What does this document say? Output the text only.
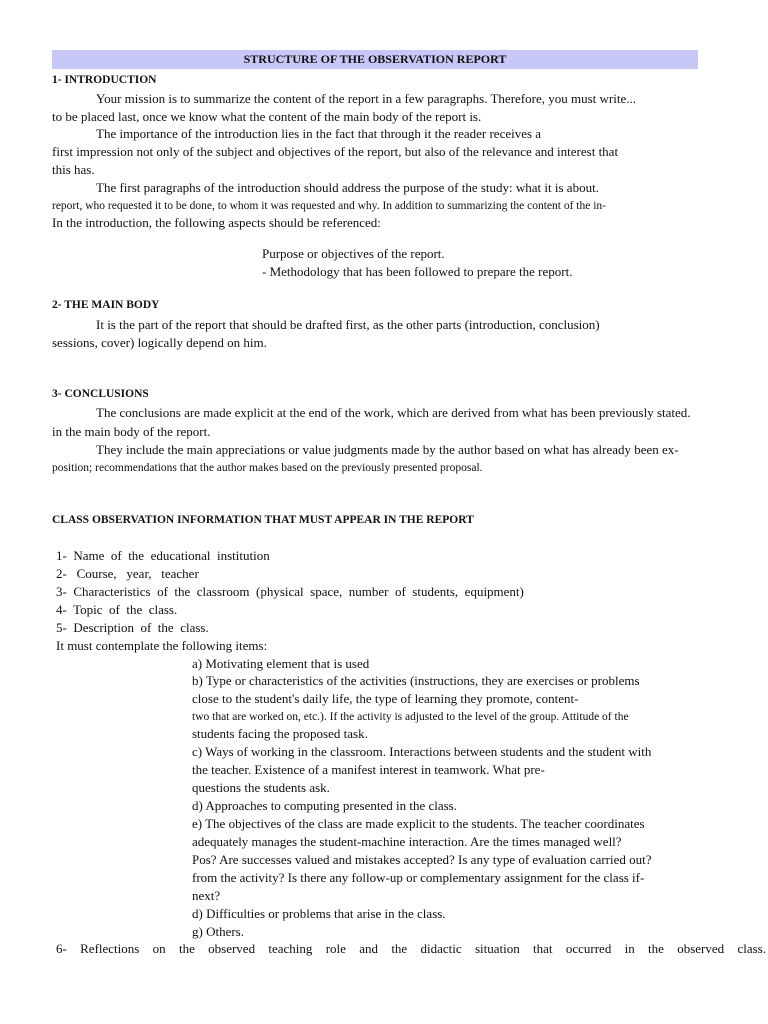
STRUCTURE OF THE OBSERVATION REPORT
1- INTRODUCTION
Your mission is to summarize the content of the report in a few paragraphs. Therefore, you must write...
to be placed last, once we know what the content of the main body of the report is.
The importance of the introduction lies in the fact that through it the reader receives a
first impression not only of the subject and objectives of the report, but also of the relevance and interest that
this has.
The first paragraphs of the introduction should address the purpose of the study: what it is about.
report, who requested it to be done, to whom it was requested and why. In addition to summarizing the content of the in-
In the introduction, the following aspects should be referenced:
Purpose or objectives of the report.
- Methodology that has been followed to prepare the report.
2- THE MAIN BODY
It is the part of the report that should be drafted first, as the other parts (introduction, conclusion)
sessions, cover) logically depend on him.
3- CONCLUSIONS
The conclusions are made explicit at the end of the work, which are derived from what has been previously stated.
in the main body of the report.
They include the main appreciations or value judgments made by the author based on what has already been ex-
position; recommendations that the author makes based on the previously presented proposal.
CLASS OBSERVATION INFORMATION THAT MUST APPEAR IN THE REPORT
1-  Name  of  the  educational  institution
2-   Course,   year,   teacher
3-  Characteristics  of  the  classroom  (physical  space,  number  of  students,  equipment)
4-  Topic  of  the  class.
5-  Description  of  the  class.
It must contemplate the following items:
a) Motivating element that is used
b) Type or characteristics of the activities (instructions, they are exercises or problems
close to the student's daily life, the type of learning they promote, content-
two that are worked on, etc.). If the activity is adjusted to the level of the group. Attitude of the
students facing the proposed task.
c) Ways of working in the classroom. Interactions between students and the student with
the teacher. Existence of a manifest interest in teamwork. What pre-
questions the students ask.
d) Approaches to computing presented in the class.
e) The objectives of the class are made explicit to the students. The teacher coordinates
adequately manages the student-machine interaction. Are the times managed well?
Pos? Are successes valued and mistakes accepted? Is any type of evaluation carried out?
from the activity? Is there any follow-up or complementary assignment for the class if-
next?
d) Difficulties or problems that arise in the class.
g) Others.
6- Reflections on the observed teaching role and the didactic situation that occurred in the observed class.
